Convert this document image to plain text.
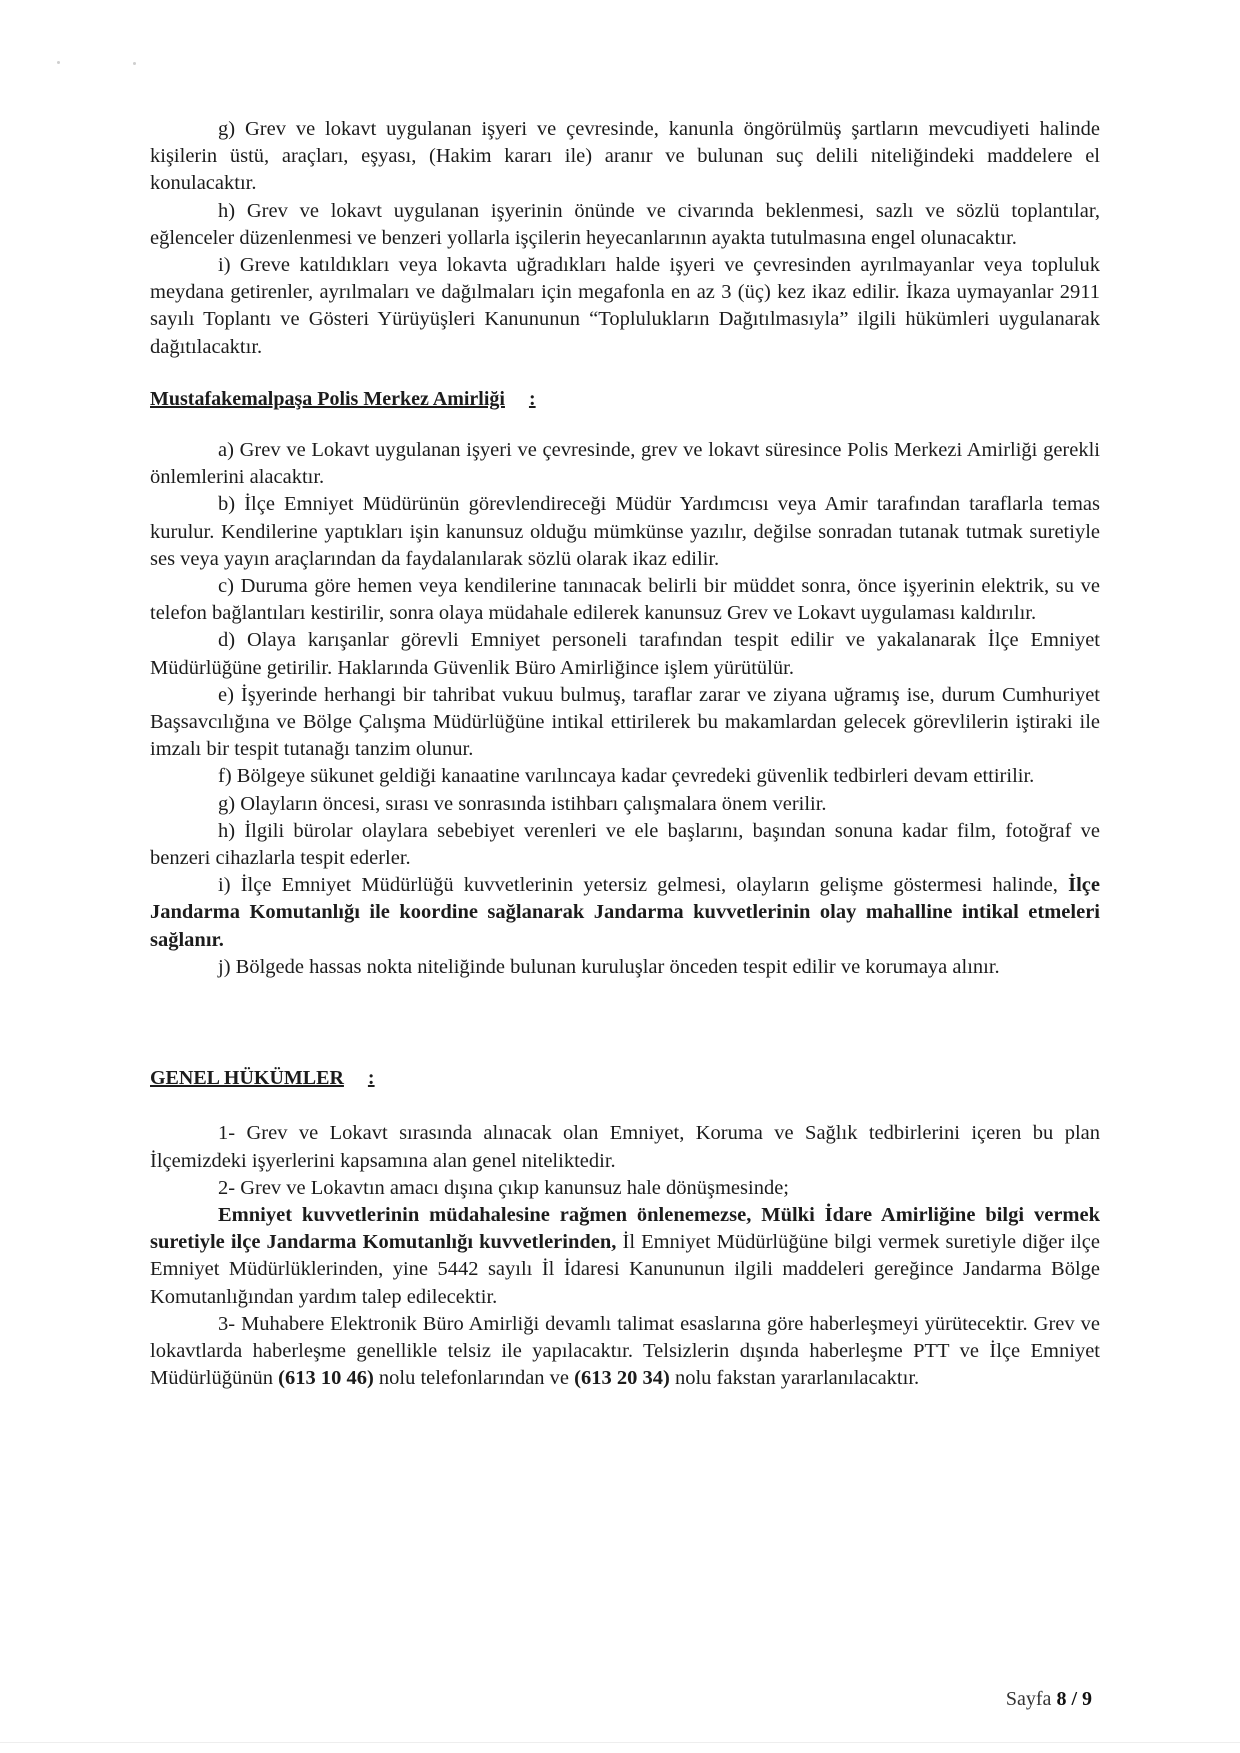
g) Grev ve lokavt uygulanan işyeri ve çevresinde, kanunla öngörülmüş şartların mevcudiyeti halinde kişilerin üstü, araçları, eşyası, (Hakim kararı ile) aranır ve bulunan suç delili niteliğindeki maddelere el konulacaktır.

h) Grev ve lokavt uygulanan işyerinin önünde ve civarında beklenmesi, sazlı ve sözlü toplantılar, eğlenceler düzenlenmesi ve benzeri yollarla işçilerin heyecanlarının ayakta tutulmasına engel olunacaktır.

i) Greve katıldıkları veya lokavta uğradıkları halde işyeri ve çevresinden ayrılmayanlar veya topluluk meydana getirenler, ayrılmaları ve dağılmaları için megafonla en az 3 (üç) kez ikaz edilir. İkaza uymayanlar 2911 sayılı Toplantı ve Gösteri Yürüyüşleri Kanununun “Toplulukların Dağıtılmasıyla” ilgili hükümleri uygulanarak dağıtılacaktır.

Mustafakemalpaşa Polis Merkez Amirliği :

a) Grev ve Lokavt uygulanan işyeri ve çevresinde, grev ve lokavt süresince Polis Merkezi Amirliği gerekli önlemlerini alacaktır.

b) İlçe Emniyet Müdürünün görevlendireceği Müdür Yardımcısı veya Amir tarafından taraflarla temas kurulur. Kendilerine yaptıkları işin kanunsuz olduğu mümkünse yazılır, değilse sonradan tutanak tutmak suretiyle ses veya yayın araçlarından da faydalanılarak sözlü olarak ikaz edilir.

c) Duruma göre hemen veya kendilerine tanınacak belirli bir müddet sonra, önce işyerinin elektrik, su ve telefon bağlantıları kestirilir, sonra olaya müdahale edilerek kanunsuz Grev ve Lokavt uygulaması kaldırılır.

d) Olaya karışanlar görevli Emniyet personeli tarafından tespit edilir ve yakalanarak İlçe Emniyet Müdürlüğüne getirilir. Haklarında Güvenlik Büro Amirliğince işlem yürütülür.

e) İşyerinde herhangi bir tahribat vukuu bulmuş, taraflar zarar ve ziyana uğramış ise, durum Cumhuriyet Başsavcılığına ve Bölge Çalışma Müdürlüğüne intikal ettirilerek bu makamlardan gelecek görevlilerin iştiraki ile imzalı bir tespit tutanağı tanzim olunur.

f) Bölgeye sükunet geldiği kanaatine varılıncaya kadar çevredeki güvenlik tedbirleri devam ettirilir.

g) Olayların öncesi, sırası ve sonrasında istihbarı çalışmalara önem verilir.

h) İlgili bürolar olaylara sebebiyet verenleri ve ele başlarını, başından sonuna kadar film, fotoğraf ve benzeri cihazlarla tespit ederler.

i) İlçe Emniyet Müdürlüğü kuvvetlerinin yetersiz gelmesi, olayların gelişme göstermesi halinde, İlçe Jandarma Komutanlığı ile koordine sağlanarak Jandarma kuvvetlerinin olay mahalline intikal etmeleri sağlanır.

j) Bölgede hassas nokta niteliğinde bulunan kuruluşlar önceden tespit edilir ve korumaya alınır.

GENEL HÜKÜMLER :

1- Grev ve Lokavt sırasında alınacak olan Emniyet, Koruma ve Sağlık tedbirlerini içeren bu plan İlçemizdeki işyerlerini kapsamına alan genel niteliktedir.

2- Grev ve Lokavtın amacı dışına çıkıp kanunsuz hale dönüşmesinde;

Emniyet kuvvetlerinin müdahalesine rağmen önlenemezse, Mülki İdare Amirliğine bilgi vermek suretiyle ilçe Jandarma Komutanlığı kuvvetlerinden, İl Emniyet Müdürlüğüne bilgi vermek suretiyle diğer ilçe Emniyet Müdürlüklerinden, yine 5442 sayılı İl İdaresi Kanununun ilgili maddeleri gereğince Jandarma Bölge Komutanlığından yardım talep edilecektir.

3- Muhabere Elektronik Büro Amirliği devamlı talimat esaslarına göre haberleşmeyi yürütecektir. Grev ve lokavtlarda haberleşme genellikle telsiz ile yapılacaktır. Telsizlerin dışında haberleşme PTT ve İlçe Emniyet Müdürlüğünün (613 10 46) nolu telefonlarından ve (613 20 34) nolu fakstan yararlanılacaktır.

Sayfa 8 / 9
